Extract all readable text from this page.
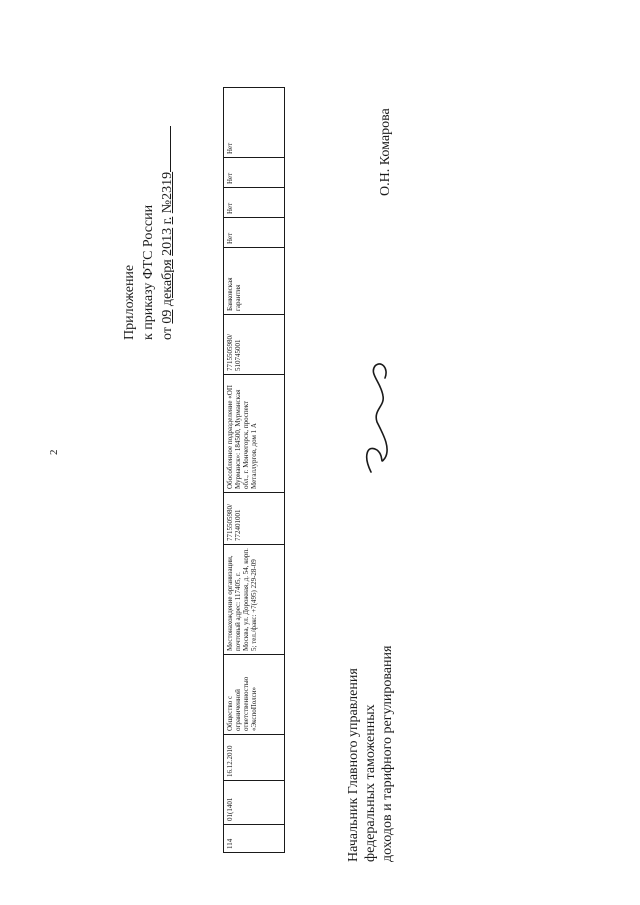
2
Приложение к приказу ФТС России от 09 декабря 2013 г. №2319
114	01(1401	16.12.2010	Общество с ограниченной ответственностью «ЭкспоПолси»	Местонахождение организации, почтовый адрес: 117405, г. Москва, ул. Дорожная, д. 54, корп. 5; тел./факс: +7(495) 229-28-09	7715505980/ 772401001	Обособленное подразделение «ОП Мурманск»: 184500, Мурманская обл., г. Мончегорск, проспект Металлургов, дом 1 А	7715505980/ 510745001	Банковская гарантия	Нет	Нет	Нет	Нет
Начальник Главного управления федеральных таможенных доходов и тарифного регулирования
О.Н. Комарова
